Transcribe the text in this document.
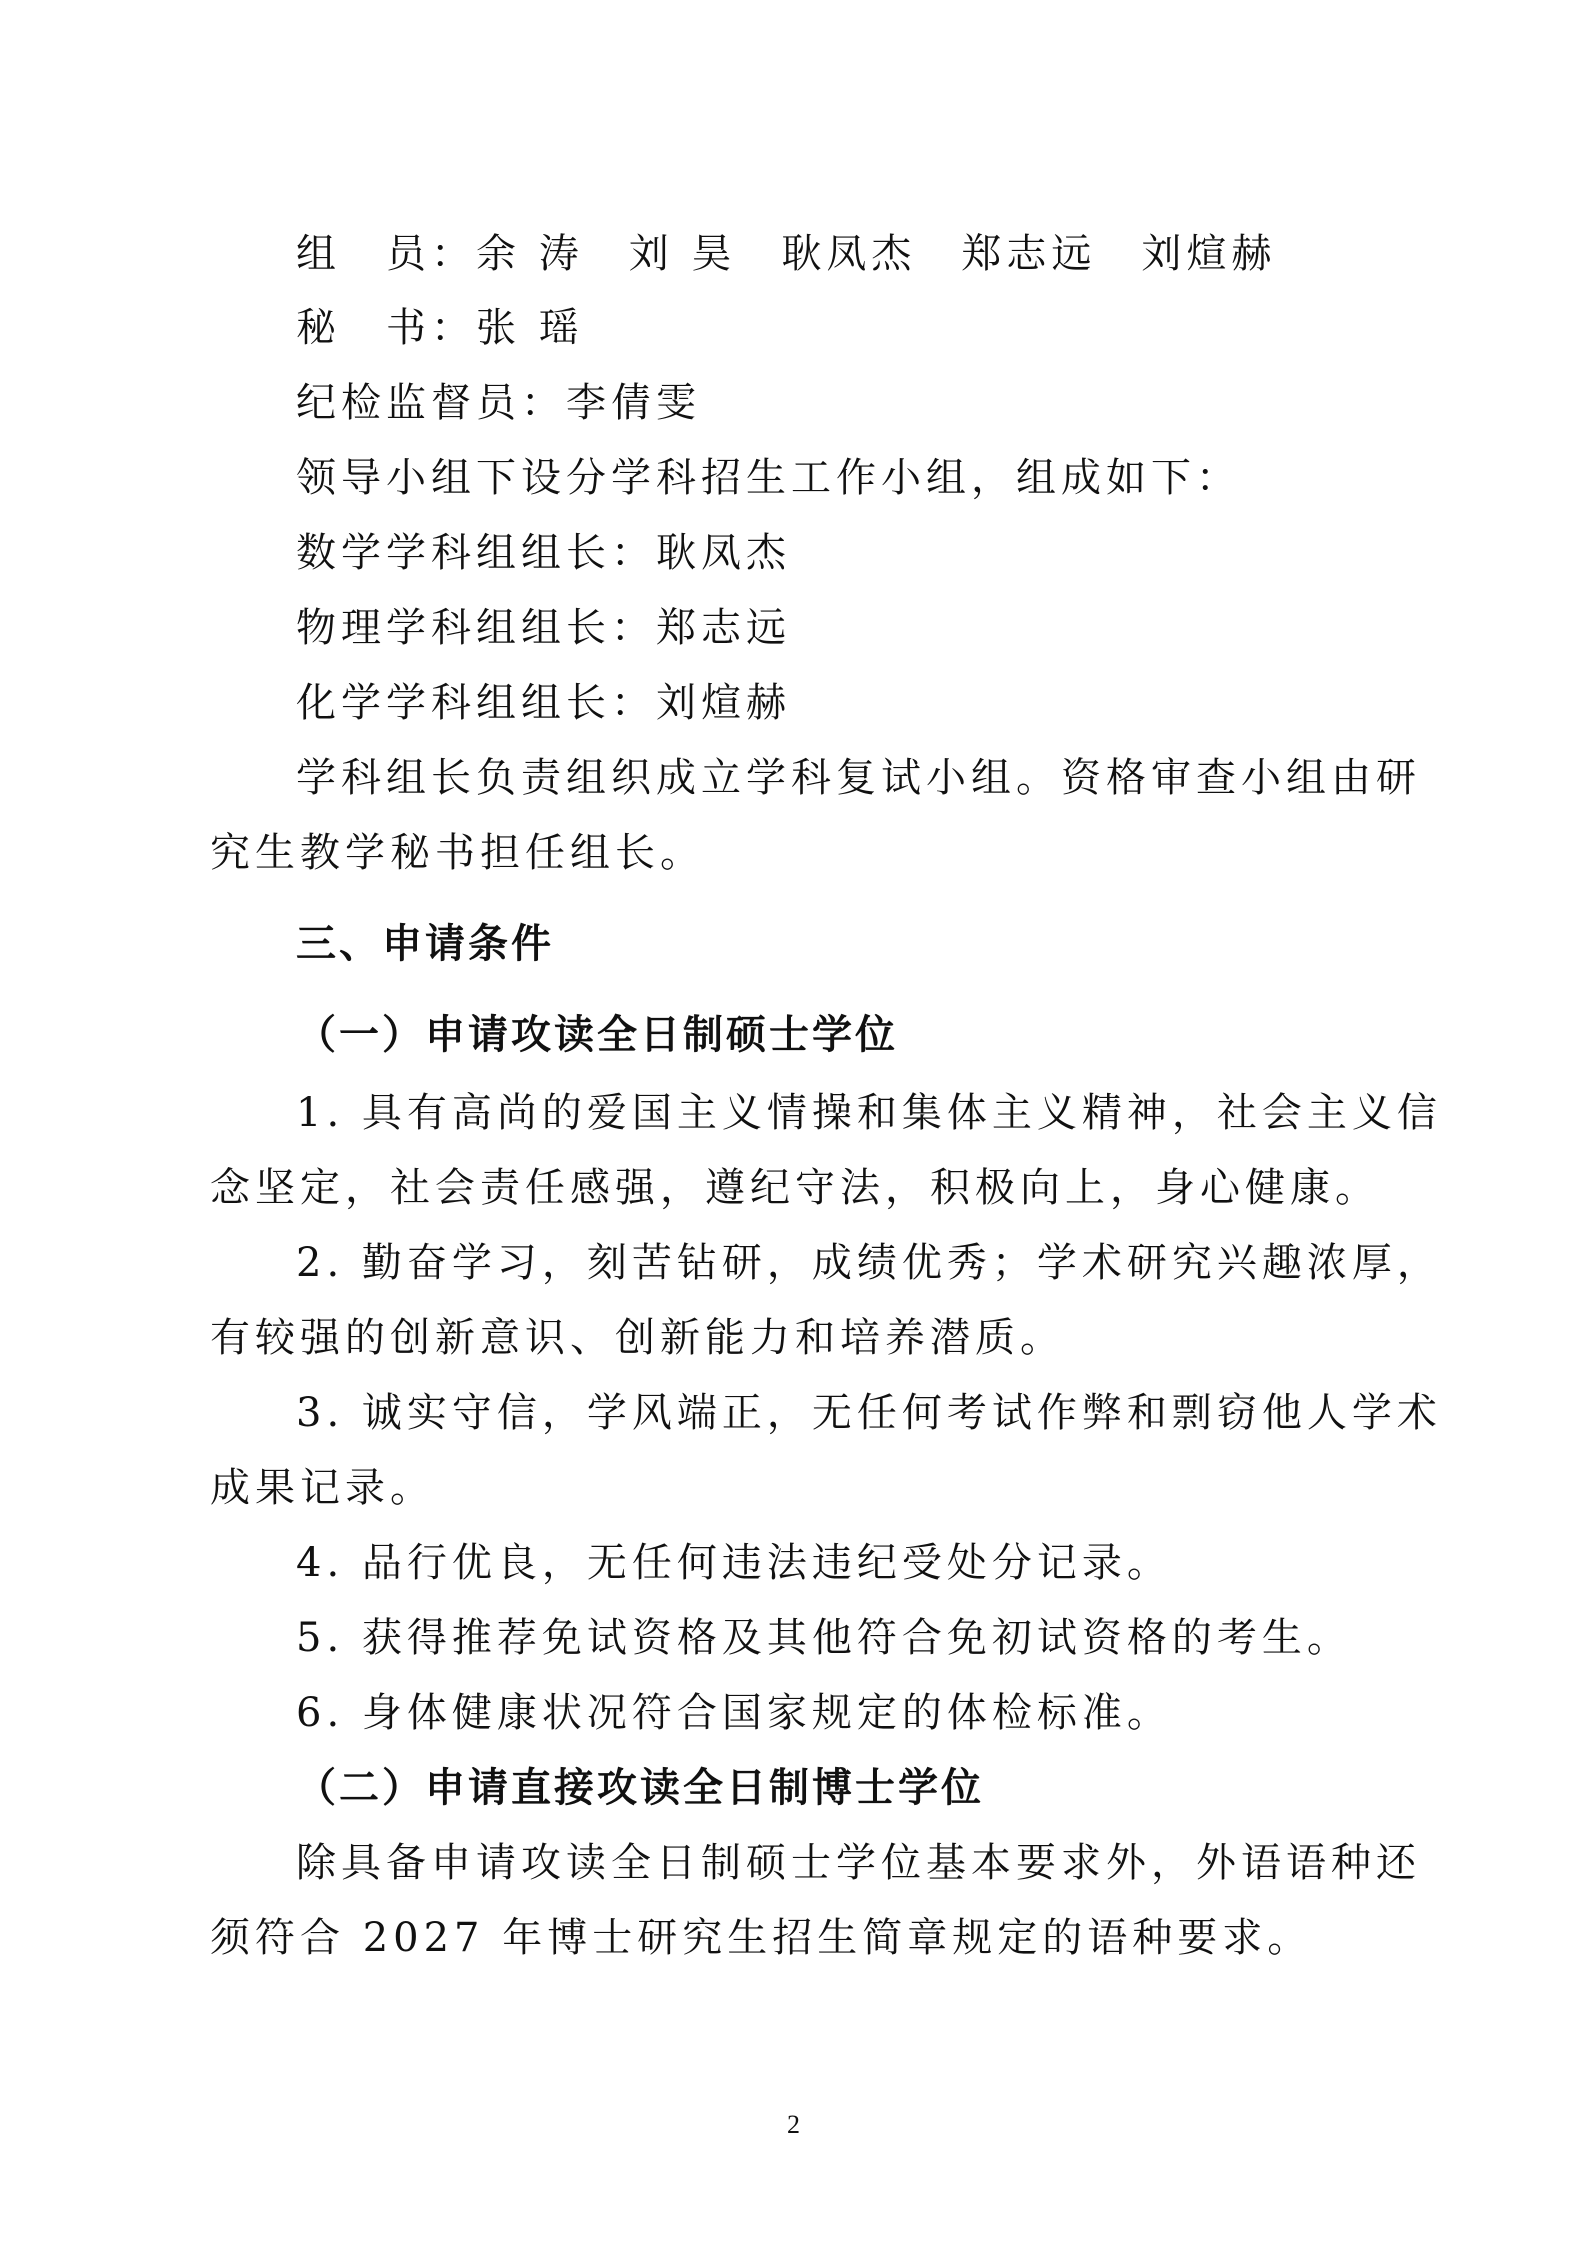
组　员：余 涛　刘 昊　耿凤杰　郑志远　刘煊赫
秘　书：张 瑶
纪检监督员：李倩雯
领导小组下设分学科招生工作小组，组成如下：
数学学科组组长：耿凤杰
物理学科组组长：郑志远
化学学科组组长：刘煊赫
学科组长负责组织成立学科复试小组。资格审查小组由研
究生教学秘书担任组长。
三、申请条件
（一）申请攻读全日制硕士学位
1. 具有高尚的爱国主义情操和集体主义精神，社会主义信
念坚定，社会责任感强，遵纪守法，积极向上，身心健康。
2. 勤奋学习，刻苦钻研，成绩优秀；学术研究兴趣浓厚，
有较强的创新意识、创新能力和培养潜质。
3. 诚实守信，学风端正，无任何考试作弊和剽窃他人学术
成果记录。
4. 品行优良，无任何违法违纪受处分记录。
5. 获得推荐免试资格及其他符合免初试资格的考生。
6. 身体健康状况符合国家规定的体检标准。
（二）申请直接攻读全日制博士学位
除具备申请攻读全日制硕士学位基本要求外，外语语种还
须符合 2027 年博士研究生招生简章规定的语种要求。
2
